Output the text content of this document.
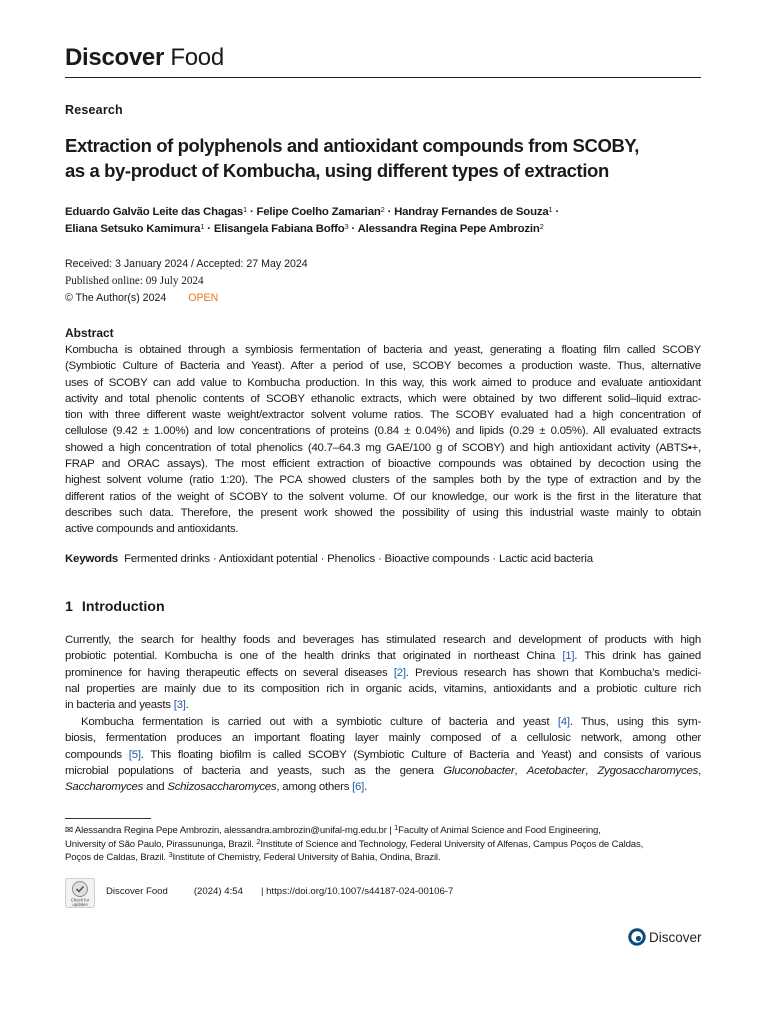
Discover Food
Research
Extraction of polyphenols and antioxidant compounds from SCOBY,
as a by-product of Kombucha, using different types of extraction
Eduardo Galvão Leite das Chagas$^1$ · Felipe Coelho Zamarian$^2$ · Handray Fernandes de Souza$^1$ ·
Eliana Setsuko Kamimura$^1$ · Elisangela Fabiana Boffo$^3$ · Alessandra Regina Pepe Ambrozin$^2$
Received: 3 January 2024 / Accepted: 27 May 2024
Published online: 09 July 2024
© The Author(s) 2024 OPEN
Abstract
Kombucha is obtained through a symbiosis fermentation of bacteria and yeast, generating a floating film called SCOBY
(Symbiotic Culture of Bacteria and Yeast). After a period of use, SCOBY becomes a production waste. Thus, alternative
uses of SCOBY can add value to Kombucha production. In this way, this work aimed to produce and evaluate antioxidant
activity and total phenolic contents of SCOBY ethanolic extracts, which were obtained by two different solid–liquid extrac-
tion with three different waste weight/extractor solvent volume ratios. The SCOBY evaluated had a high concentration of
cellulose (9.42 ± 1.00%) and low concentrations of proteins (0.84 ± 0.04%) and lipids (0.29 ± 0.05%). All evaluated extracts
showed a high concentration of total phenolics (40.7–64.3 mg GAE/100 g of SCOBY) and high antioxidant activity (ABTS•+,
FRAP and ORAC assays). The most efficient extraction of bioactive compounds was obtained by decoction using the
highest solvent volume (ratio 1:20). The PCA showed clusters of the samples both by the type of extraction and by the
different ratios of the weight of SCOBY to the solvent volume. Of our knowledge, our work is the first in the literature that
describes such data. Therefore, the present work showed the possibility of using this industrial waste mainly to obtain
active compounds and antioxidants.
Keywords Fermented drinks · Antioxidant potential · Phenolics · Bioactive compounds · Lactic acid bacteria
1 Introduction
Currently, the search for healthy foods and beverages has stimulated research and development of products with high
probiotic potential. Kombucha is one of the health drinks that originated in northeast China [1]. This drink has gained
prominence for having therapeutic effects on several diseases [2]. Previous research has shown that Kombucha’s medici-
nal properties are mainly due to its composition rich in organic acids, vitamins, antioxidants and a probiotic culture rich
in bacteria and yeasts [3].
Kombucha fermentation is carried out with a symbiotic culture of bacteria and yeast [4]. Thus, using this sym-
biosis, fermentation produces an important floating layer mainly composed of a cellulosic network, among other
compounds [5]. This floating biofilm is called SCOBY (Symbiotic Culture of Bacteria and Yeast) and consists of various
microbial populations of bacteria and yeasts, such as the genera Gluconobacter, Acetobacter, Zygosaccharomyces,
Saccharomyces and Schizosaccharomyces, among others [6].
✉ Alessandra Regina Pepe Ambrozin, alessandra.ambrozin@unifal-mg.edu.br | $^1$Faculty of Animal Science and Food Engineering,
University of São Paulo, Pirassununga, Brazil. $^2$Institute of Science and Technology, Federal University of Alfenas, Campus Poços de Caldas,
Poços de Caldas, Brazil. $^3$Institute of Chemistry, Federal University of Bahia, Ondina, Brazil.
Check for
updates
Discover Food	(2024) 4:54 | https://doi.org/10.1007/s44187-024-00106-7
Discover
